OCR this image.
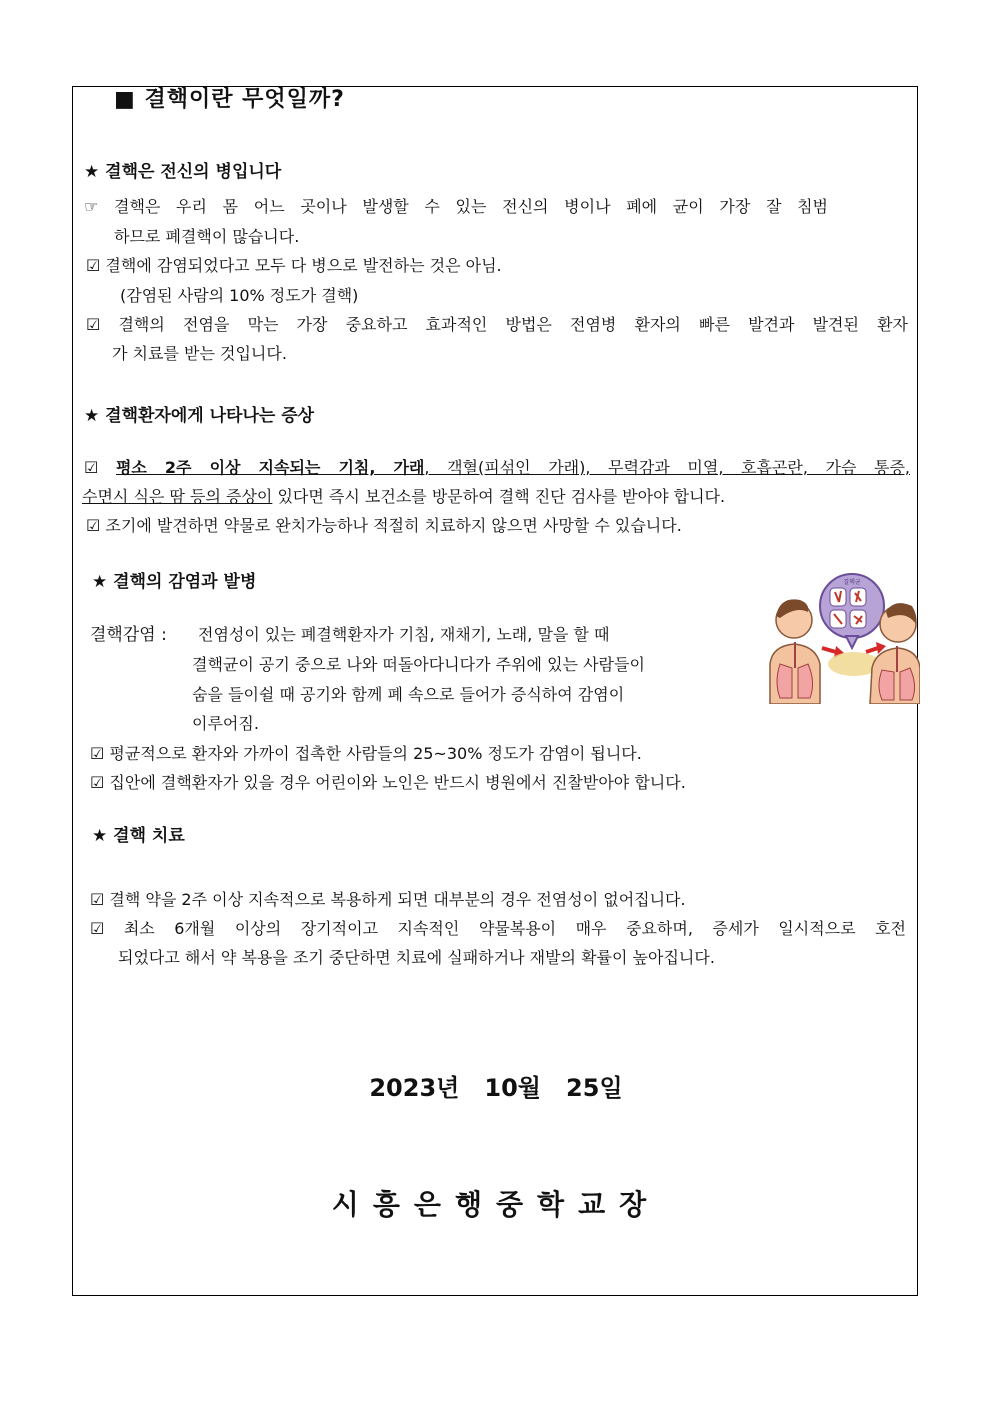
■ 결핵이란 무엇일까?
★ 결핵은 전신의 병입니다
☞ 결핵은 우리 몸 어느 곳이나 발생할 수 있는 전신의 병이나 폐에 균이 가장 잘 침범
하므로 폐결핵이 많습니다.
☑ 결핵에 감염되었다고 모두 다 병으로 발전하는 것은 아님.
(감염된 사람의 10% 정도가 결핵)
☑ 결핵의 전염을 막는 가장 중요하고 효과적인 방법은 전염병 환자의 빠른 발견과 발견된 환자
가 치료를 받는 것입니다.
★ 결핵환자에게 나타나는 증상
☑ 평소 2주 이상 지속되는 기침, 가래, 객혈(피섞인 가래), 무력감과 미열, 호흡곤란, 가슴 통증,
수면시 식은 땀 등의 증상이 있다면 즉시 보건소를 방문하여 결핵 진단 검사를 받아야 합니다.
☑ 조기에 발견하면 약물로 완치가능하나 적절히 치료하지 않으면 사망할 수 있습니다.
★ 결핵의 감염과 발병
결핵감염 : 전염성이 있는 폐결핵환자가 기침, 재채기, 노래, 말을 할 때
결핵균이 공기 중으로 나와 떠돌아다니다가 주위에 있는 사람들이
숨을 들이쉴 때 공기와 함께 폐 속으로 들어가 증식하여 감염이
이루어짐.
☑ 평균적으로 환자와 가까이 접촉한 사람들의 25~30% 정도가 감염이 됩니다.
☑ 집안에 결핵환자가 있을 경우 어린이와 노인은 반드시 병원에서 진찰받아야 합니다.
결핵균
★ 결핵 치료
☑ 결핵 약을 2주 이상 지속적으로 복용하게 되면 대부분의 경우 전염성이 없어집니다.
☑ 최소 6개월 이상의 장기적이고 지속적인 약물복용이 매우 중요하며, 증세가 일시적으로 호전
되었다고 해서 약 복용을 조기 중단하면 치료에 실패하거나 재발의 확률이 높아집니다.
2023년   10월   25일
시흥은행중학교장
